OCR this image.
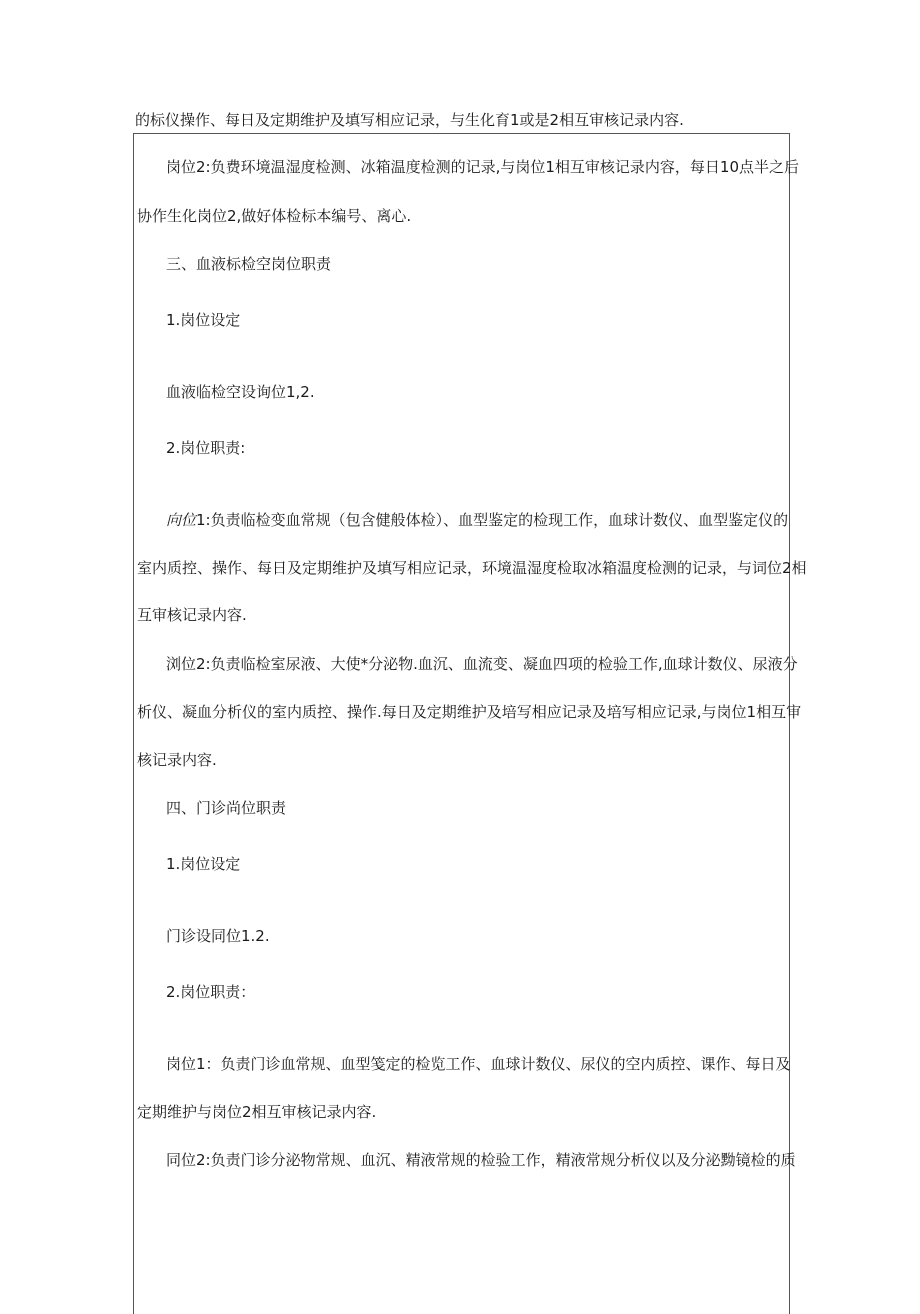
的标仪操作、每日及定期维护及填写相应记录，与生化育1或是2相互审核记录内容.
岗位2:负费环境温湿度检测、冰箱温度检测的记录,与岗位1相互审核记录内容，每日10点半之后
协作生化岗位2,做好体检标本编号、离心.
三、血液标检空岗位职责
1.岗位设定
血液临检空设询位1,2.
2.岗位职责:
向位1:负责临检变血常规（包含健般体检）、血型鉴定的检现工作，血球计数仪、血型鉴定仪的
室内质控、操作、每日及定期维护及填写相应记录，环境温湿度检取冰箱温度检测的记录，与词位2相
互审核记录内容.
浏位2:负责临检室尿液、大使*分泌物.血沉、血流变、凝血四项的检验工作,血球计数仪、尿液分
析仪、凝血分析仪的室内质控、操作.每日及定期维护及培写相应记录及培写相应记录,与岗位1相互审
核记录内容.
四、门诊尚位职责
1.岗位设定
门诊设同位1.2.
2.岗位职责：
岗位1：负责门诊血常规、血型笺定的检览工作、血球计数仪、尿仪的空内质控、课作、每日及
定期维护与岗位2相互审核记录内容.
同位2:负责门诊分泌物常规、血沉、精液常规的检验工作，精液常规分析仪以及分泌黝镜检的质
